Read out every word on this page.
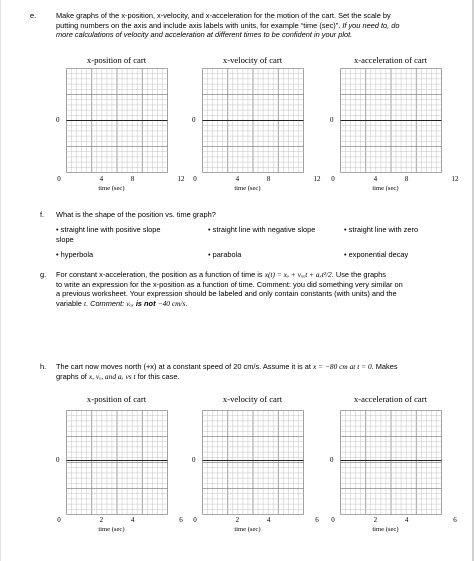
e.	Make graphs of the x-position, x-velocity, and x-acceleration for the motion of the cart. Set the scale by
putting numbers on the axis and include axis labels with units, for example “time (sec)”. If you need to, do
more calculations of velocity and acceleration at different times to be confident in your plot.
x-position of cart
0
0	4	8	12
time (sec)
x-velocity of cart
0
0	4	8	12
time (sec)
x-acceleration of cart
0
0	4	8	12
time (sec)
f. What is the shape of the position vs. time graph?
• straight line with positive slope
slope
• straight line with negative slope	• straight line with zero
• hyperbola	• parabola	• exponential decay
g. For constant x-acceleration, the position as a function of time is x(t) = xₒ + vₒₓt + aₓt²/2. Use the graphs
to write an expression for the x-position as a function of time. Comment: you did something very similar on
a previous worksheet. Your expression should be labeled and only contain constants (with units) and the
variable t. Comment: vₒₓ is not −40 cm/s.
h. The cart now moves north (+x) at a constant speed of 20 cm/s. Assume it is at x = −80 cm at t = 0. Makes
graphs of x, vₓ, and aₓ vs t for this case.
x-position of cart
0
0	2	4	6
time (sec)
x-velocity of cart
0
0	2	4	6
time (sec)
x-acceleration of cart
0
0	2	4	6
time (sec)
